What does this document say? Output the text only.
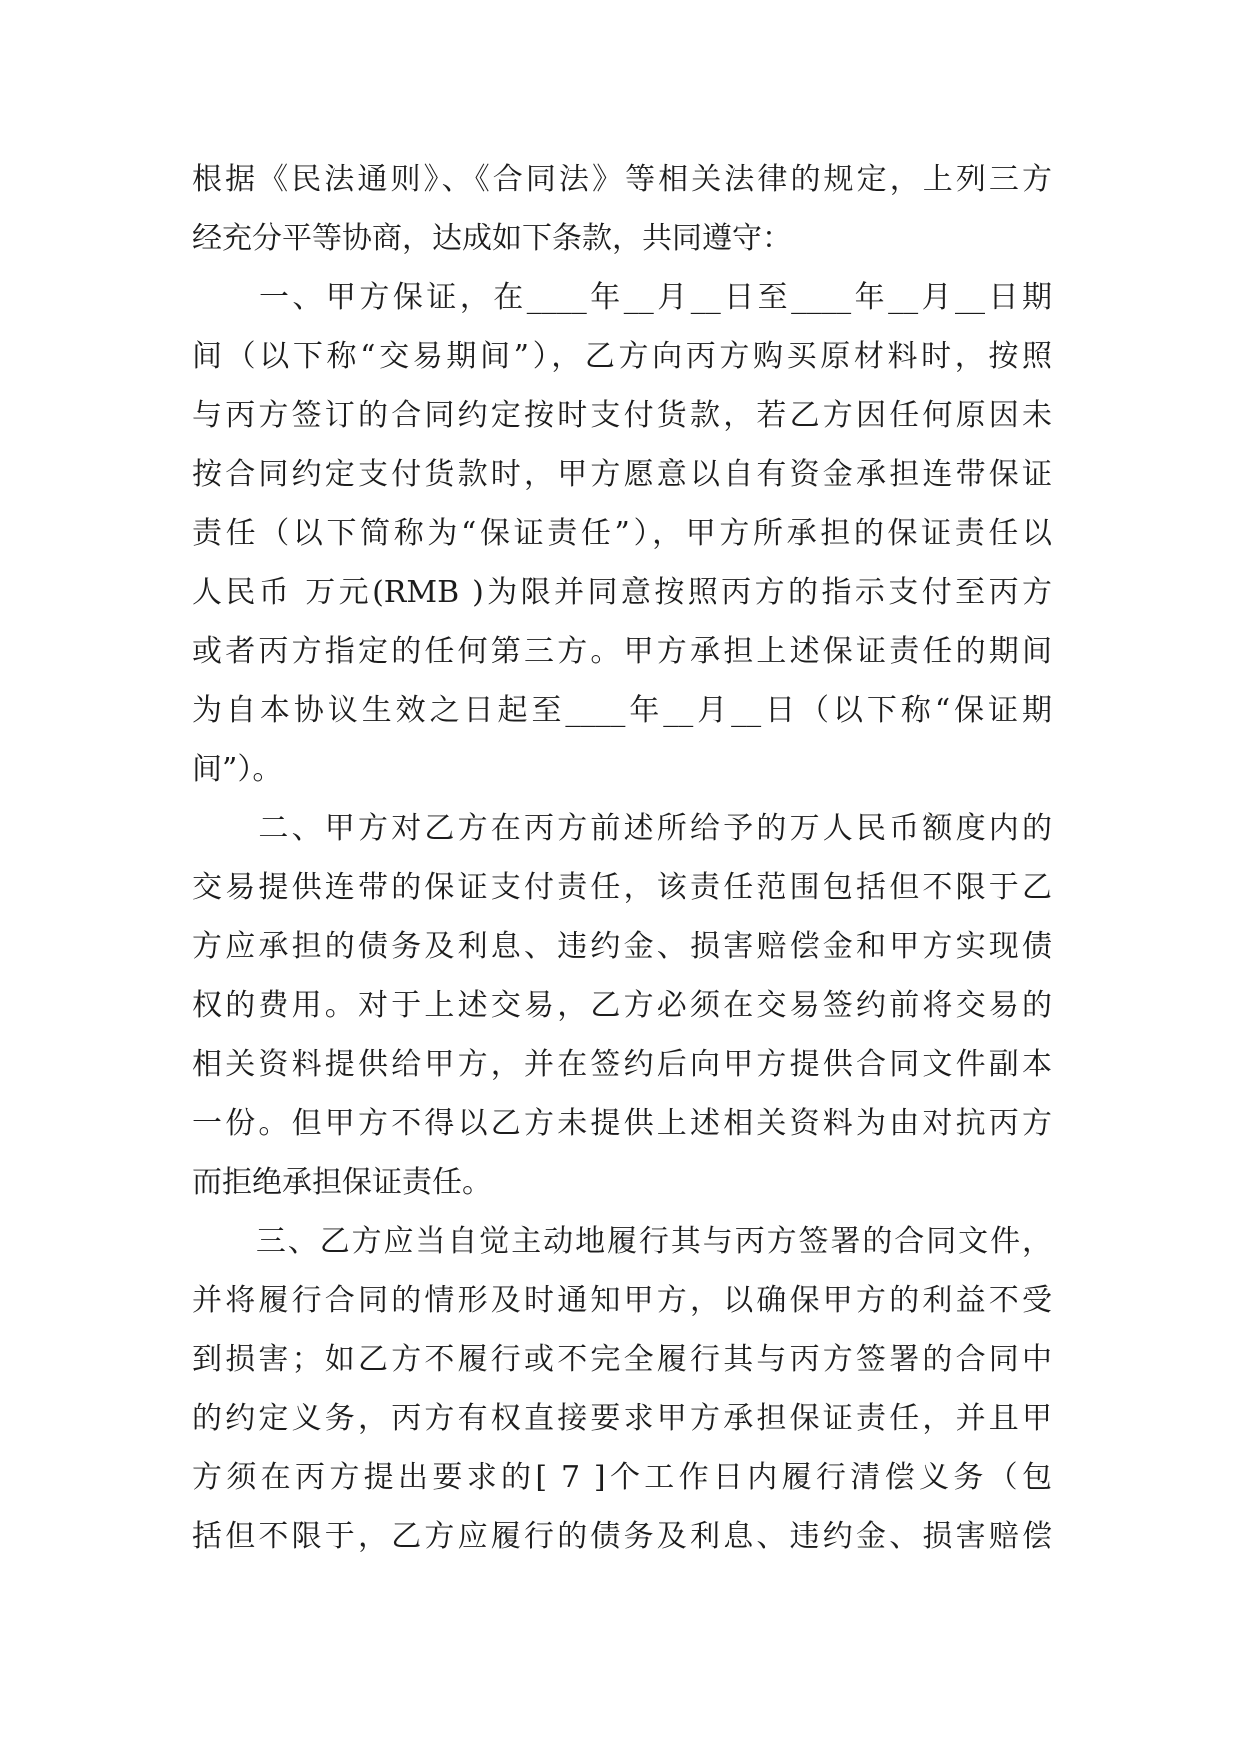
根据《民法通则》、《合同法》等相关法律的规定，上列三方
经充分平等协商，达成如下条款，共同遵守：
　　一、甲方保证，在____年__月__日至____年__月__日期
间（以下称“交易期间”），乙方向丙方购买原材料时，按照
与丙方签订的合同约定按时支付货款，若乙方因任何原因未
按合同约定支付货款时，甲方愿意以自有资金承担连带保证
责任（以下简称为“保证责任”），甲方所承担的保证责任以
人民币 万元(RMB )为限并同意按照丙方的指示支付至丙方
或者丙方指定的任何第三方。甲方承担上述保证责任的期间
为自本协议生效之日起至____年__月__日（以下称“保证期
间”）。
　　二、甲方对乙方在丙方前述所给予的万人民币额度内的
交易提供连带的保证支付责任，该责任范围包括但不限于乙
方应承担的债务及利息、违约金、损害赔偿金和甲方实现债
权的费用。对于上述交易，乙方必须在交易签约前将交易的
相关资料提供给甲方，并在签约后向甲方提供合同文件副本
一份。但甲方不得以乙方未提供上述相关资料为由对抗丙方
而拒绝承担保证责任。
　　三、乙方应当自觉主动地履行其与丙方签署的合同文件，
并将履行合同的情形及时通知甲方，以确保甲方的利益不受
到损害；如乙方不履行或不完全履行其与丙方签署的合同中
的约定义务，丙方有权直接要求甲方承担保证责任，并且甲
方须在丙方提出要求的[ 7 ]个工作日内履行清偿义务（包
括但不限于，乙方应履行的债务及利息、违约金、损害赔偿
